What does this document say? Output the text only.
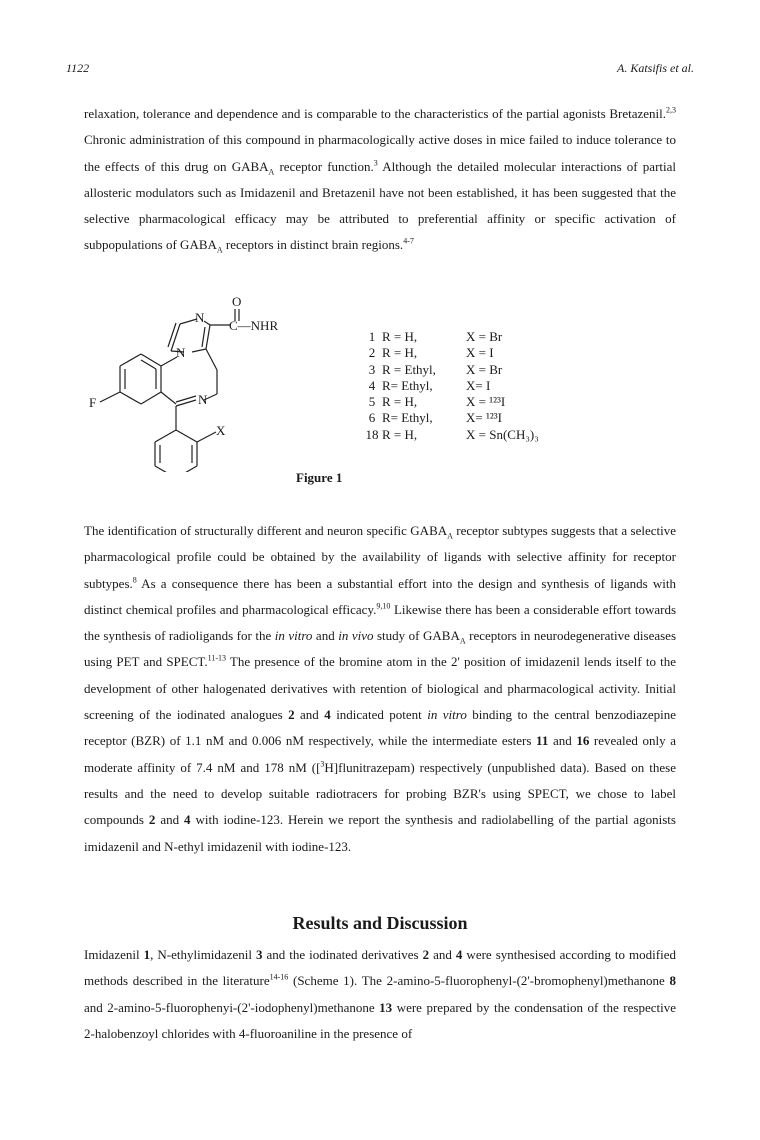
1122	A. Katsifis et al.

relaxation, tolerance and dependence and is comparable to the characteristics of the partial agonists Bretazenil.$^{2,3}$ Chronic administration of this compound in pharmacologically active doses in mice failed to induce tolerance to the effects of this drug on $GABA_A$ receptor function.$^3$ Although the detailed molecular interactions of partial allosteric modulators such as Imidazenil and Bretazenil have not been established, it has been suggested that the selective pharmacological efficacy may be attributed to preferential affinity or specific activation of subpopulations of $GABA_A$ receptors in distinct brain regions.$^{4-7}$

O
C—NHR
N
N
N
F
X
1 R = H,	X = Br
2 R = H,	X = I
3 R = Ethyl,	X = Br
4 R= Ethyl,	X= I
5 R = H,	X = ¹²³I
6 R= Ethyl,	X= ¹²³I
18 R = H,	X = Sn(CH₃)₃
Figure 1

The identification of structurally different and neuron specific $GABA_A$ receptor subtypes suggests that a selective pharmacological profile could be obtained by the availability of ligands with selective affinity for receptor subtypes.$^8$ As a consequence there has been a substantial effort into the design and synthesis of ligands with distinct chemical profiles and pharmacological efficacy.$^{9,10}$ Likewise there has been a considerable effort towards the synthesis of radioligands for the in vitro and in vivo study of $GABA_A$ receptors in neurodegenerative diseases using PET and SPECT.$^{11-13}$ The presence of the bromine atom in the 2' position of imidazenil lends itself to the development of other halogenated derivatives with retention of biological and pharmacological activity. Initial screening of the iodinated analogues 2 and 4 indicated potent in vitro binding to the central benzodiazepine receptor (BZR) of 1.1 nM and 0.006 nM respectively, while the intermediate esters 11 and 16 revealed only a moderate affinity of 7.4 nM and 178 nM ([$^3$H]flunitrazepam) respectively (unpublished data). Based on these results and the need to develop suitable radiotracers for probing BZR's using SPECT, we chose to label compounds 2 and 4 with iodine-123. Herein we report the synthesis and radiolabelling of the partial agonists imidazenil and N-ethyl imidazenil with iodine-123.

Results and Discussion

Imidazenil 1, N-ethylimidazenil 3 and the iodinated derivatives 2 and 4 were synthesised according to modified methods described in the literature$^{14-16}$ (Scheme 1). The 2-amino-5-fluorophenyl-(2'-bromophenyl)methanone 8 and 2-amino-5-fluorophenyi-(2'-iodophenyl)methanone 13 were prepared by the condensation of the respective 2-halobenzoyl chlorides with 4-fluoroaniline in the presence of
